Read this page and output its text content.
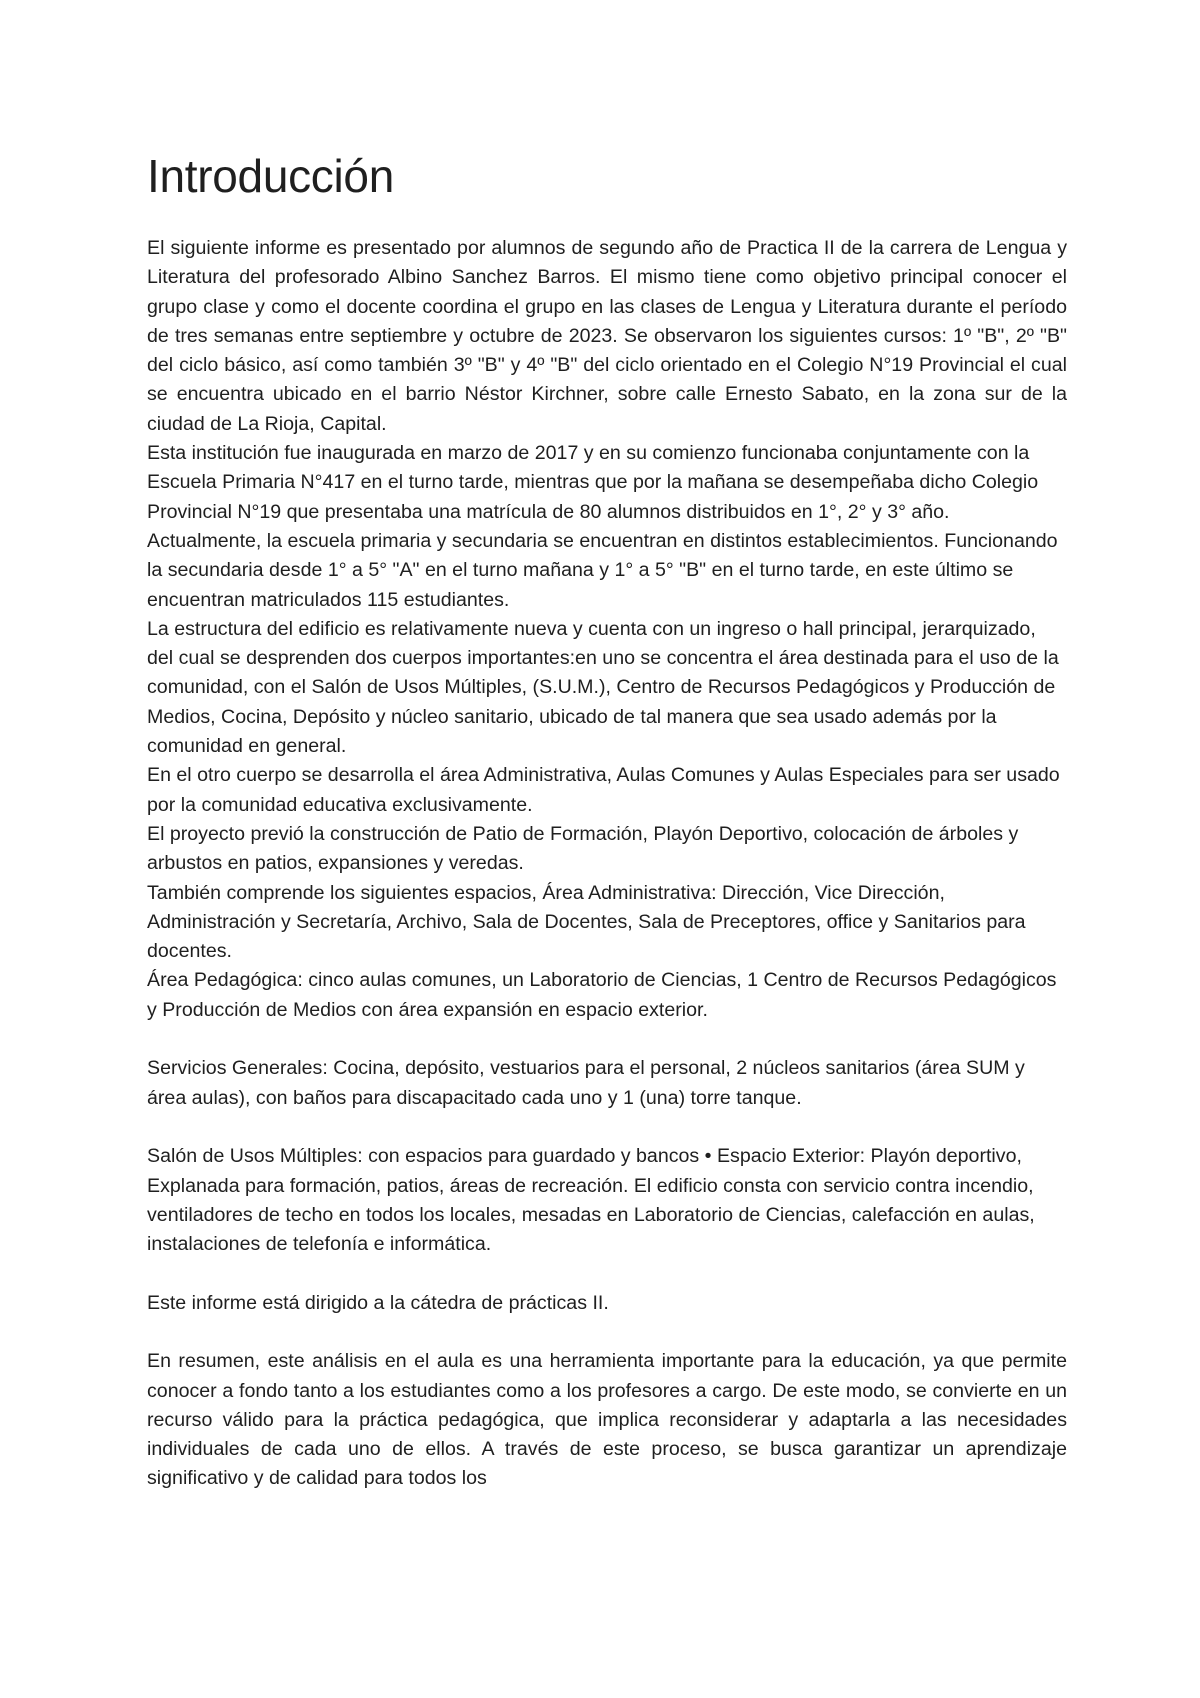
Introducción

El siguiente informe es presentado por alumnos de segundo año de Practica II de la carrera de Lengua y Literatura del profesorado Albino Sanchez Barros. El mismo tiene como objetivo principal conocer el grupo clase y como el docente coordina el grupo en las clases de Lengua y Literatura durante el período de tres semanas entre septiembre y octubre de 2023. Se observaron los siguientes cursos: 1º "B", 2º "B" del ciclo básico, así como también 3º "B" y 4º "B" del ciclo orientado en el Colegio N°19 Provincial el cual se encuentra ubicado en el barrio Néstor Kirchner, sobre calle Ernesto Sabato, en la zona sur de la ciudad de La Rioja, Capital.

Esta institución fue inaugurada en marzo de 2017 y en su comienzo funcionaba conjuntamente con la Escuela Primaria N°417 en el turno tarde, mientras que por la mañana se desempeñaba dicho Colegio Provincial N°19 que presentaba una matrícula de 80 alumnos distribuidos en 1°, 2° y 3° año.

Actualmente, la escuela primaria y secundaria se encuentran en distintos establecimientos. Funcionando la secundaria desde 1° a 5° "A" en el turno mañana y 1° a 5° "B" en el turno tarde, en este último se encuentran matriculados 115 estudiantes.

La estructura del edificio es relativamente nueva y cuenta con un ingreso o hall principal, jerarquizado, del cual se desprenden dos cuerpos importantes:en uno se concentra el área destinada para el uso de la comunidad, con el Salón de Usos Múltiples, (S.U.M.), Centro de Recursos Pedagógicos y Producción de Medios, Cocina, Depósito y núcleo sanitario, ubicado de tal manera que sea usado además por la comunidad en general.

En el otro cuerpo se desarrolla el área Administrativa, Aulas Comunes y Aulas Especiales para ser usado por la comunidad educativa exclusivamente.

El proyecto previó la construcción de Patio de Formación, Playón Deportivo, colocación de árboles y arbustos en patios, expansiones y veredas.

También comprende los siguientes espacios, Área Administrativa: Dirección, Vice Dirección, Administración y Secretaría, Archivo, Sala de Docentes, Sala de Preceptores, office y Sanitarios para docentes.

Área Pedagógica: cinco aulas comunes, un Laboratorio de Ciencias, 1 Centro de Recursos Pedagógicos y Producción de Medios con área expansión en espacio exterior.

Servicios Generales: Cocina, depósito, vestuarios para el personal, 2 núcleos sanitarios (área SUM y área aulas), con baños para discapacitado cada uno y 1 (una) torre tanque.

Salón de Usos Múltiples: con espacios para guardado y bancos • Espacio Exterior: Playón deportivo, Explanada para formación, patios, áreas de recreación. El edificio consta con servicio contra incendio, ventiladores de techo en todos los locales, mesadas en Laboratorio de Ciencias, calefacción en aulas, instalaciones de telefonía e informática.

Este informe está dirigido a la cátedra de prácticas II.

En resumen, este análisis en el aula es una herramienta importante para la educación, ya que permite conocer a fondo tanto a los estudiantes como a los profesores a cargo. De este modo, se convierte en un recurso válido para la práctica pedagógica, que implica reconsiderar y adaptarla a las necesidades individuales de cada uno de ellos. A través de este proceso, se busca garantizar un aprendizaje significativo y de calidad para todos los
